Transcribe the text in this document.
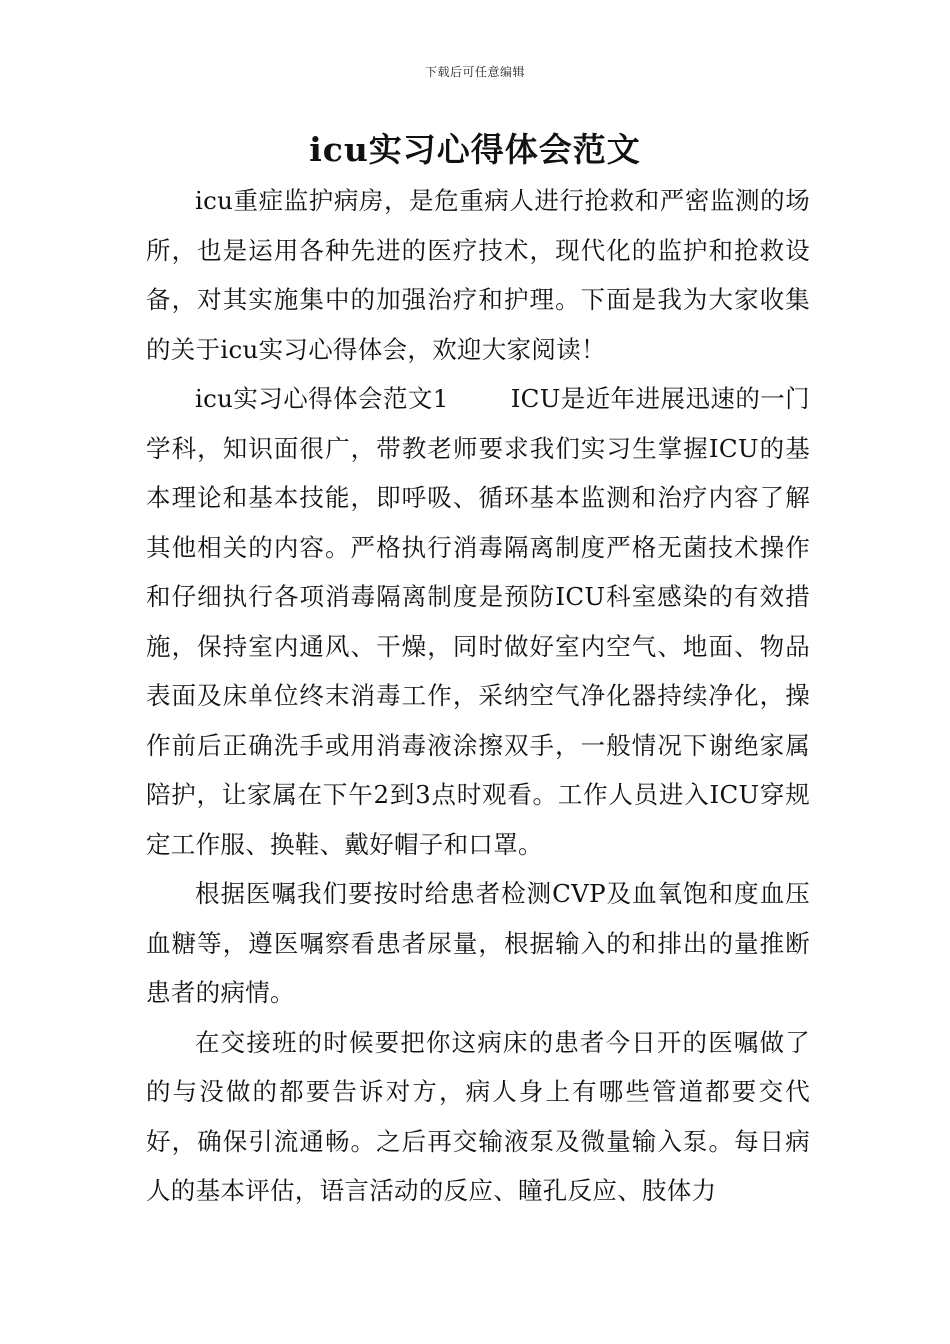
下载后可任意编辑
icu实习心得体会范文

icu重症监护病房，是危重病人进行抢救和严密监测的场所，也是运用各种先进的医疗技术，现代化的监护和抢救设备，对其实施集中的加强治疗和护理。下面是我为大家收集的关于icu实习心得体会，欢迎大家阅读！

icu实习心得体会范文1	ICU是近年进展迅速的一门学科，知识面很广，带教老师要求我们实习生掌握ICU的基本理论和基本技能，即呼吸、循环基本监测和治疗内容了解其他相关的内容。严格执行消毒隔离制度严格无菌技术操作和仔细执行各项消毒隔离制度是预防ICU科室感染的有效措施，保持室内通风、干燥，同时做好室内空气、地面、物品表面及床单位终末消毒工作，采纳空气净化器持续净化，操作前后正确洗手或用消毒液涂擦双手，一般情况下谢绝家属陪护，让家属在下午2到3点时观看。工作人员进入ICU穿规定工作服、换鞋、戴好帽子和口罩。

根据医嘱我们要按时给患者检测CVP及血氧饱和度血压血糖等，遵医嘱察看患者尿量，根据输入的和排出的量推断患者的病情。

在交接班的时候要把你这病床的患者今日开的医嘱做了的与没做的都要告诉对方，病人身上有哪些管道都要交代好，确保引流通畅。之后再交输液泵及微量输入泵。每日病人的基本评估，语言活动的反应、瞳孔反应、肢体力
